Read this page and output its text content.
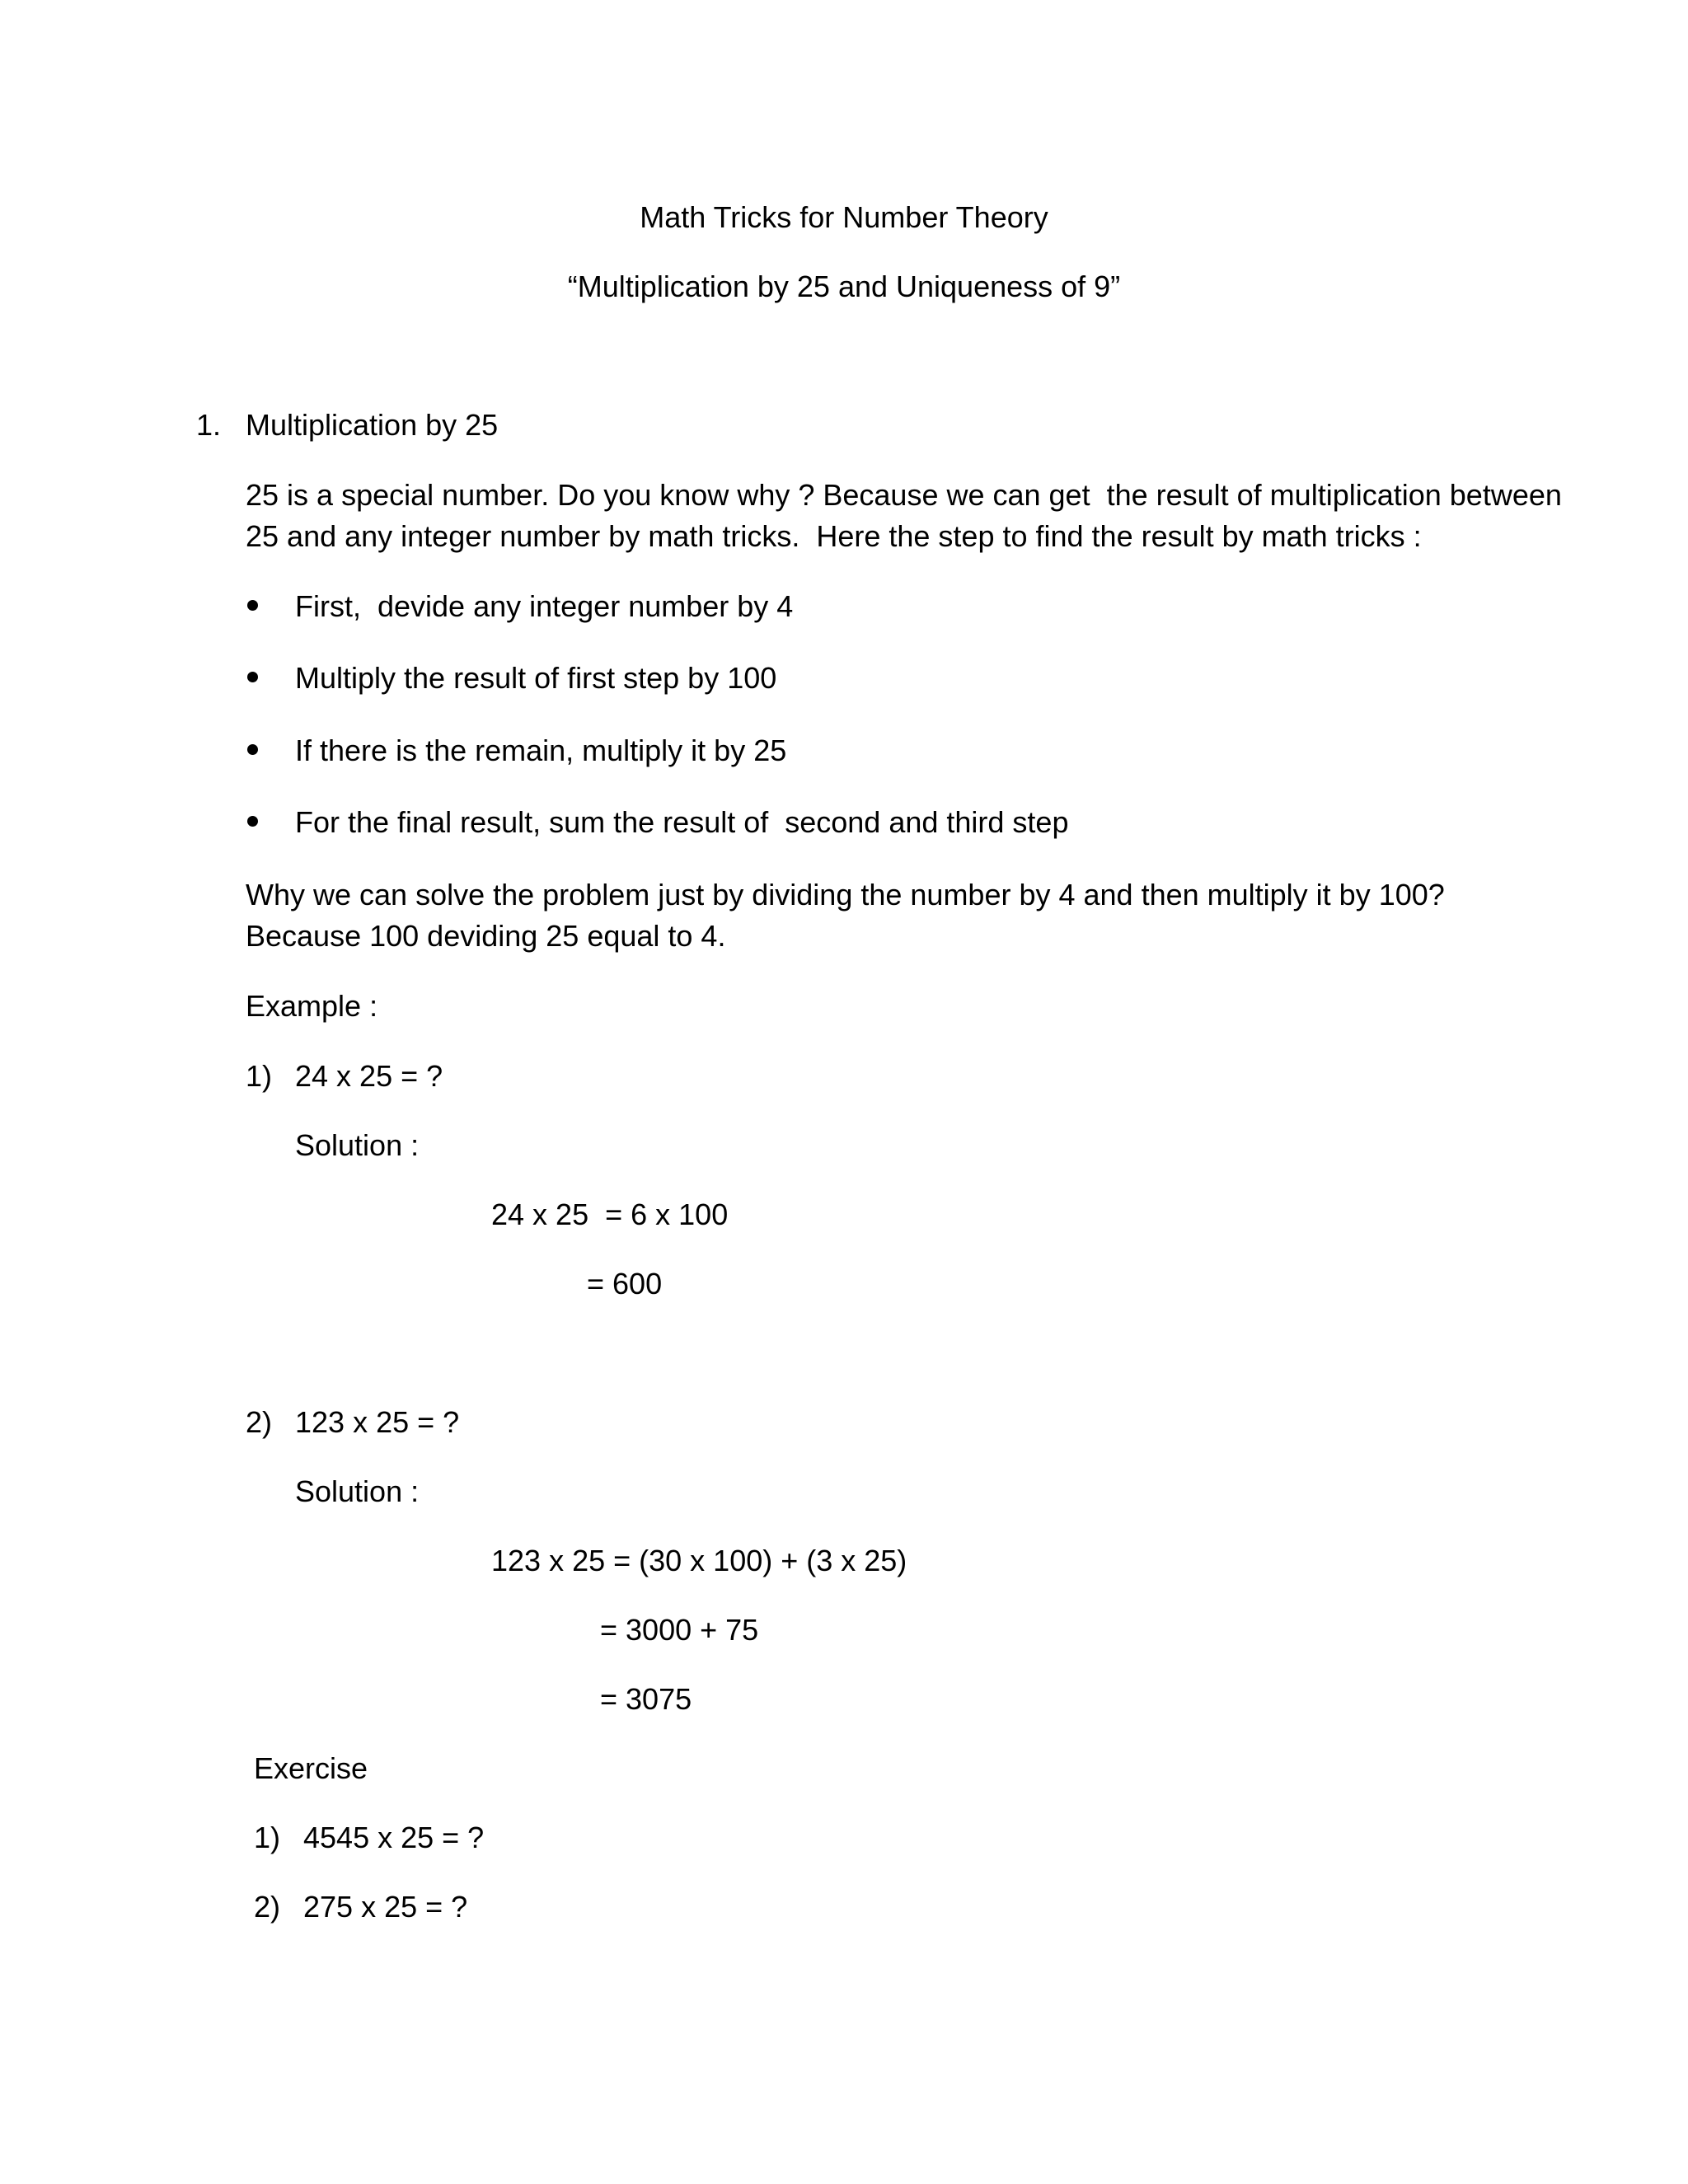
Math Tricks for Number Theory
“Multiplication by 25 and Uniqueness of 9”
1. Multiplication by 25
25 is a special number. Do you know why ? Because we can get  the result of multiplication between
25 and any integer number by math tricks.  Here the step to find the result by math tricks :
First,  devide any integer number by 4
Multiply the result of first step by 100
If there is the remain, multiply it by 25
For the final result, sum the result of  second and third step
Why we can solve the problem just by dividing the number by 4 and then multiply it by 100?
Because 100 deviding 25 equal to 4.
Example :
1) 24 x 25 = ?
Solution :
24 x 25  = 6 x 100
= 600
2) 123 x 25 = ?
Solution :
123 x 25 = (30 x 100) + (3 x 25)
= 3000 + 75
= 3075
Exercise
1) 4545 x 25 = ?
2) 275 x 25 = ?
